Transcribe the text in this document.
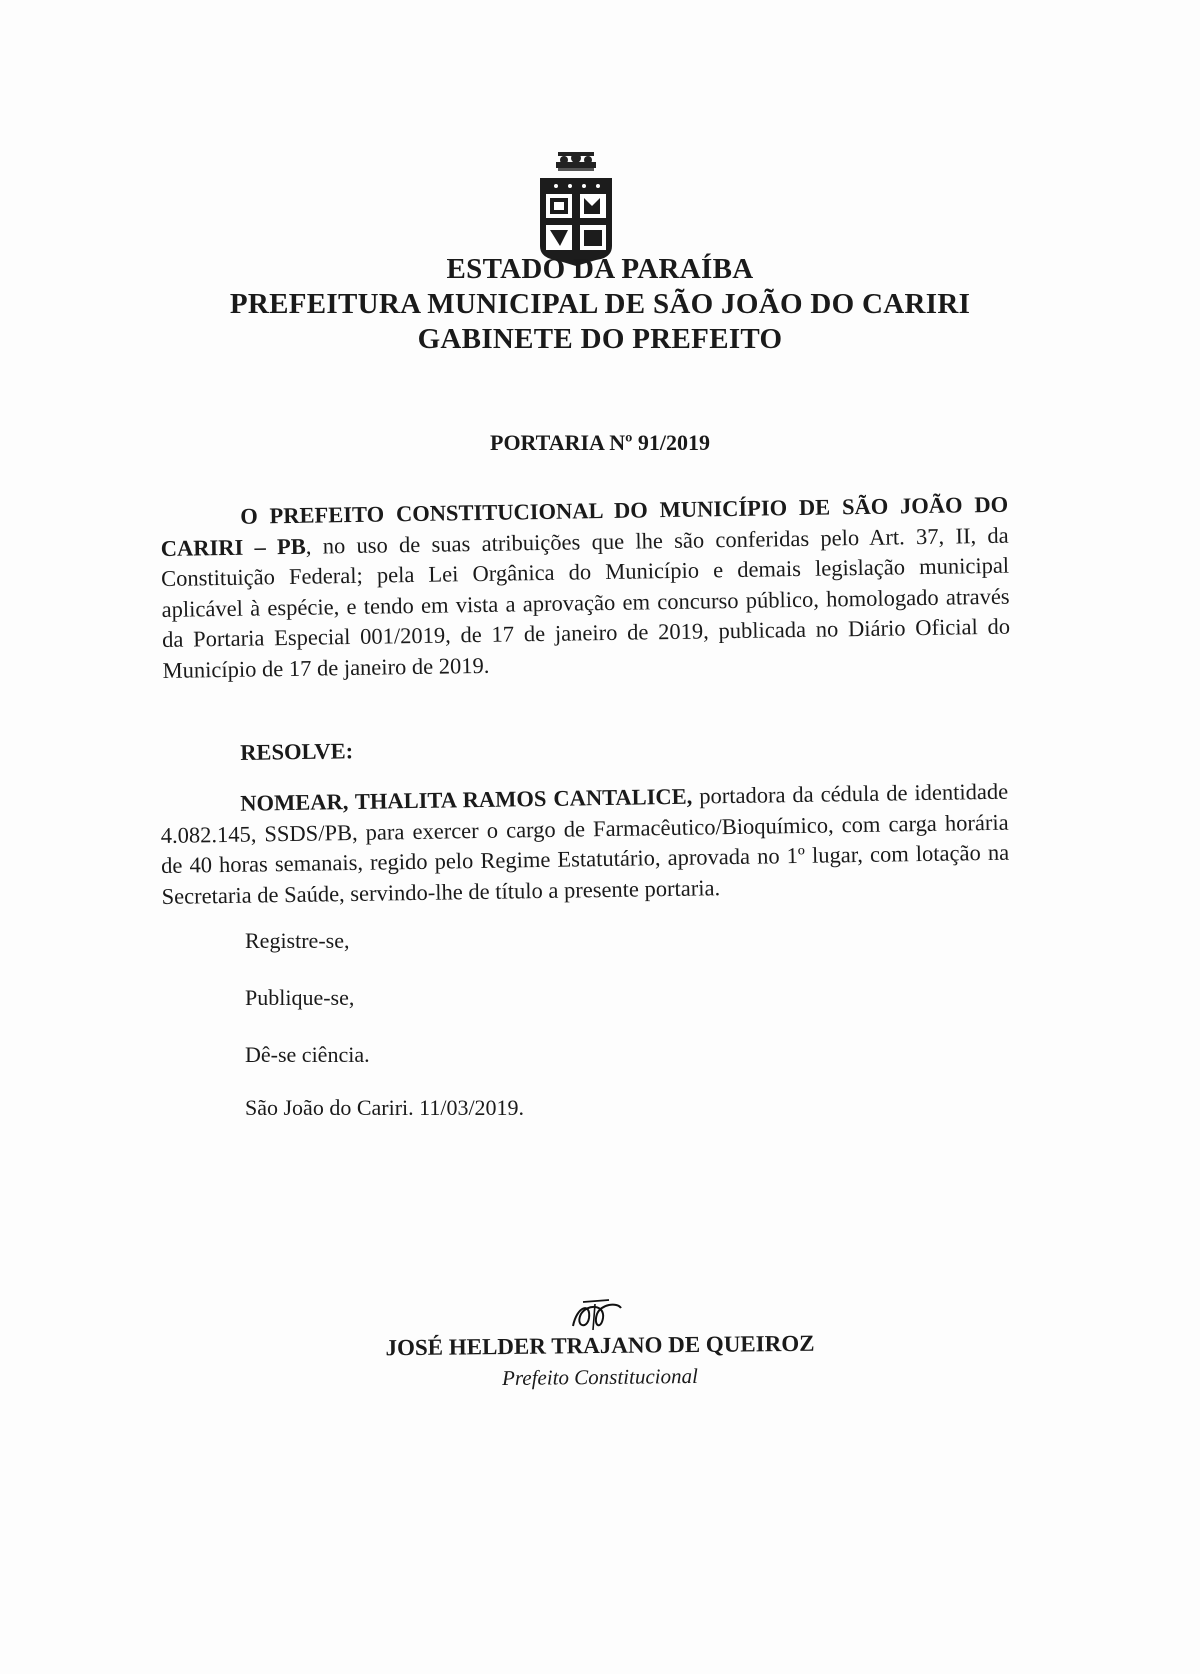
ESTADO DA PARAÍBA
PREFEITURA MUNICIPAL DE SÃO JOÃO DO CARIRI
GABINETE DO PREFEITO
PORTARIA Nº 91/2019
O PREFEITO CONSTITUCIONAL DO MUNICÍPIO DE SÃO JOÃO DO CARIRI – PB, no uso de suas atribuições que lhe são conferidas pelo Art. 37, II, da Constituição Federal; pela Lei Orgânica do Município e demais legislação municipal aplicável à espécie, e tendo em vista a aprovação em concurso público, homologado através da Portaria Especial 001/2019, de 17 de janeiro de 2019, publicada no Diário Oficial do Município de 17 de janeiro de 2019.
RESOLVE:
NOMEAR, THALITA RAMOS CANTALICE, portadora da cédula de identidade 4.082.145, SSDS/PB, para exercer o cargo de Farmacêutico/Bioquímico, com carga horária de 40 horas semanais, regido pelo Regime Estatutário, aprovada no 1º lugar, com lotação na Secretaria de Saúde, servindo-lhe de título a presente portaria.
Registre-se,
Publique-se,
Dê-se ciência.
São João do Cariri. 11/03/2019.
JOSÉ HELDER TRAJANO DE QUEIROZ
Prefeito Constitucional
